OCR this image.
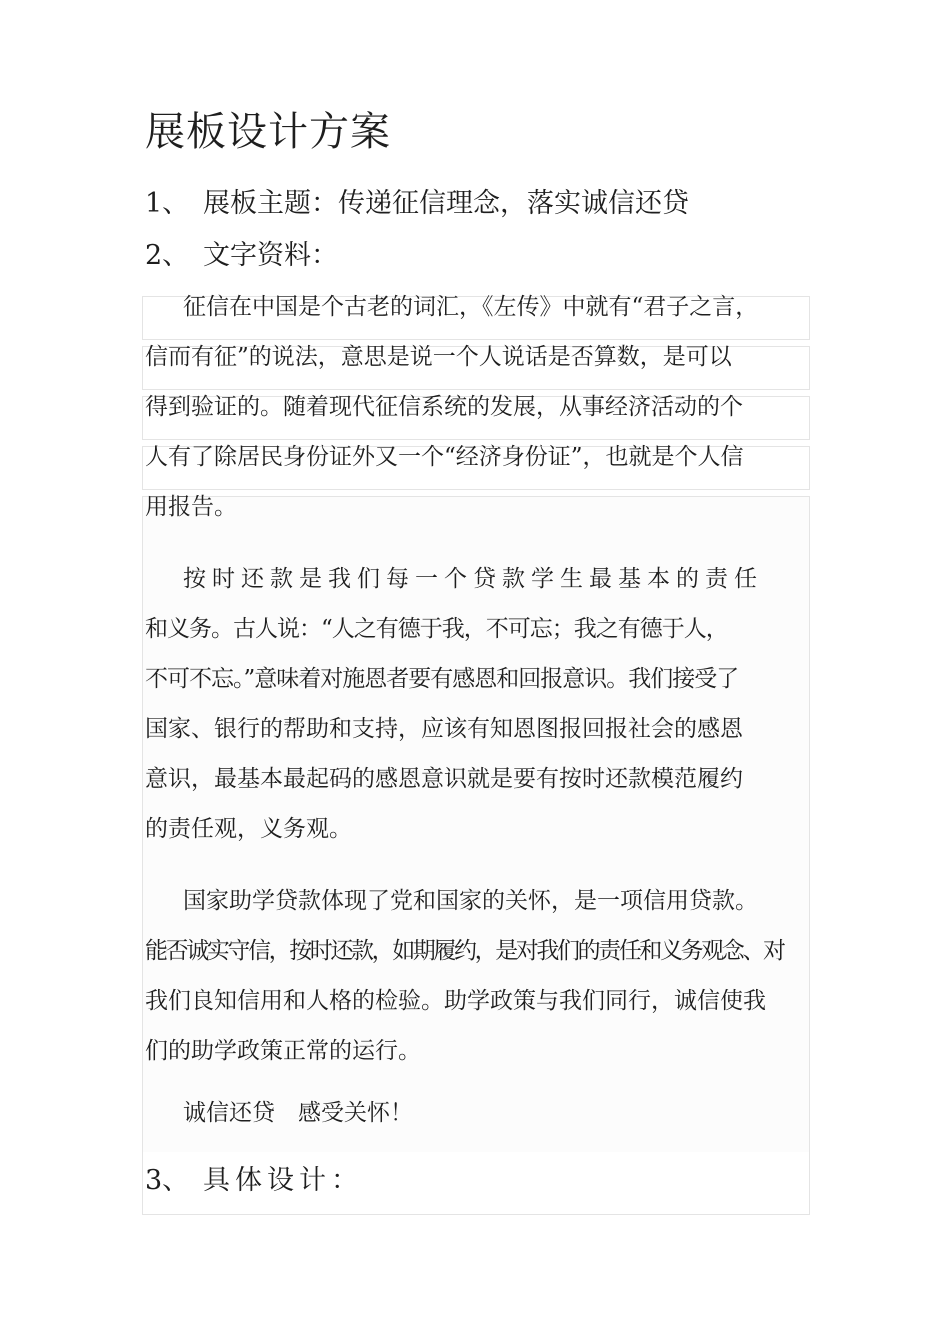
展板设计方案
1、 展板主题：传递征信理念，落实诚信还贷
2、 文字资料：
征信在中国是个古老的词汇，《左传》中就有“君子之言，
信而有征”的说法，意思是说一个人说话是否算数，是可以
得到验证的。随着现代征信系统的发展，从事经济活动的个
人有了除居民身份证外又一个“经济身份证”，也就是个人信
用报告。
按时还款是我们每一个贷款学生最基本的责任
和义务。古人说：“人之有德于我，不可忘；我之有德于人，
不可不忘。”意味着对施恩者要有感恩和回报意识。我们接受了
国家、银行的帮助和支持，应该有知恩图报回报社会的感恩
意识，最基本最起码的感恩意识就是要有按时还款模范履约
的责任观，义务观。
国家助学贷款体现了党和国家的关怀，是一项信用贷款。
能否诚实守信，按时还款，如期履约，是对我们的责任和义务观念、对
我们良知信用和人格的检验。助学政策与我们同行，诚信使我
们的助学政策正常的运行。
诚信还贷　感受关怀！
3、 具体设计：
